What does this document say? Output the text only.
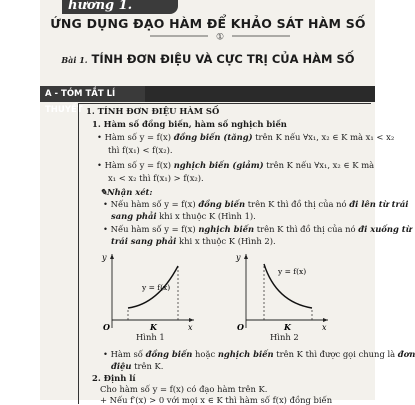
hương 1.
ỨNG DỤNG ĐẠO HÀM ĐỂ KHẢO SÁT HÀM SỐ
①
Bài 1. TÍNH ĐƠN ĐIỆU VÀ CỰC TRỊ CỦA HÀM SỐ
A - TÓM TẮT LÍ THUYẾT 1. TÍNH ĐƠN ĐIỆU HÀM SỐ
1. Hàm số đồng biến, hàm số nghịch biến
• Hàm số y = f(x) đồng biến (tăng) trên K nếu ∀x₁, x₂ ∈ K mà x₁ < x₂
thì f(x₁) < f(x₂).
• Hàm số y = f(x) nghịch biến (giảm) trên K nếu ∀x₁, x₂ ∈ K mà
x₁ < x₂ thì f(x₁) > f(x₂).
✎Nhận xét:
• Nếu hàm số y = f(x) đồng biến trên K thì đồ thị của nó đi lên từ trái
sang phải khi x thuộc K (Hình 1).
• Nếu hàm số y = f(x) nghịch biến trên K thì đồ thị của nó đi xuống từ
trái sang phải khi x thuộc K (Hình 2).
y
x
O	K
y = f(x)
Hình 1
y
x
O	K
y = f(x)
Hình 2
• Hàm số đồng biến hoặc nghịch biến trên K thì được gọi chung là đơn
điệu trên K.
2. Định lí
Cho hàm số y = f(x) có đạo hàm trên K.
+ Nếu f′(x) > 0 với mọi x ∈ K thì hàm số f(x) đồng biến
